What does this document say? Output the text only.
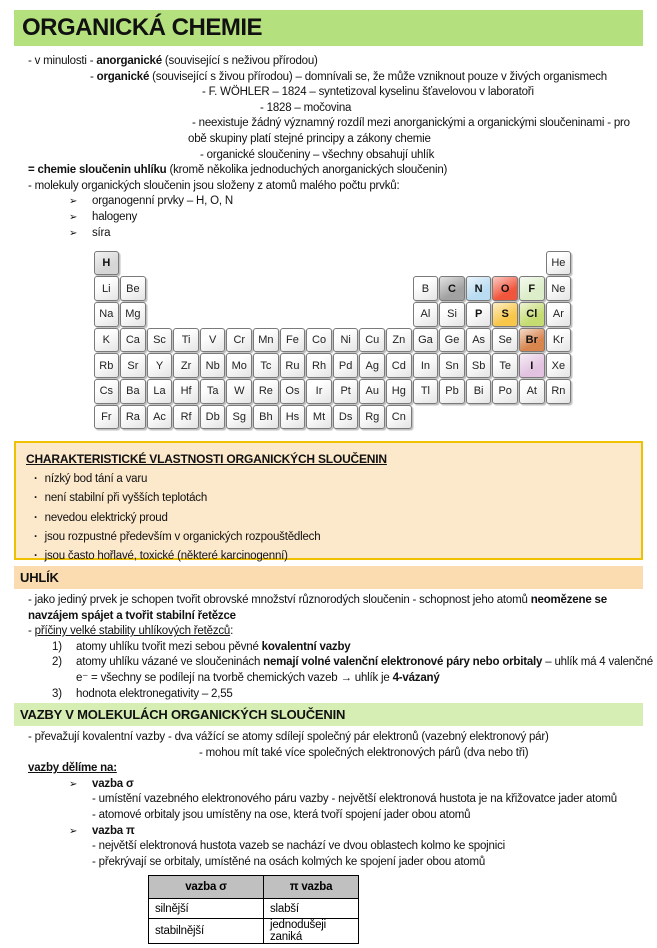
ORGANICKÁ CHEMIE
- v minulosti - anorganické (související s neživou přírodou)
- organické (související s živou přírodou) – domnívali se, že může vzniknout pouze v živých organismech
- F. WÖHLER – 1824 – syntetizoval kyselinu šťavelovou v laboratoři
- 1828 – močovina
- neexistuje žádný významný rozdíl mezi anorganickými a organickými sloučeninami - pro
obě skupiny platí stejné principy a zákony chemie
- organické sloučeniny – všechny obsahují uhlík
= chemie sloučenin uhlíku (kromě několika jednoduchých anorganických sloučenin)
- molekuly organických sloučenin jsou složeny z atomů malého počtu prvků:
➢ organogenní prvky – H, O, N
➢ halogeny
➢ síra
H	He
Li	Be	B	C	N	O	F	Ne
Na	Mg	Al	Si	P	S	Cl	Ar
K	Ca	Sc	Ti	V	Cr	Mn	Fe	Co	Ni	Cu	Zn	Ga	Ge	As	Se	Br	Kr
Rb	Sr	Y	Zr	Nb	Mo	Tc	Ru	Rh	Pd	Ag	Cd	In	Sn	Sb	Te	I	Xe
Cs	Ba	La	Hf	Ta	W	Re	Os	Ir	Pt	Au	Hg	Tl	Pb	Bi	Po	At	Rn
Fr	Ra	Ac	Rf	Db	Sg	Bh	Hs	Mt	Ds	Rg	Cn
CHARAKTERISTICKÉ VLASTNOSTI ORGANICKÝCH SLOUČENIN
· nízký bod tání a varu
· není stabilní při vyšších teplotách
· nevedou elektrický proud
· jsou rozpustné především v organických rozpouštědlech
· jsou často hořlavé, toxické (některé karcinogenní)
UHLÍK
- jako jediný prvek je schopen tvořit obrovské množství různorodých sloučenin - schopnost jeho atomů neomězene se
navzájem spájet a tvořit stabilní řetězce
- příčiny velké stability uhlíkových řetězců:
1) atomy uhlíku tvořit mezi sebou pěvné kovalentní vazby
2) atomy uhlíku vázané ve sloučeninách nemají volné valenční elektronové páry nebo orbitaly – uhlík má 4 valenčné
e⁻ = všechny se podílejí na tvorbě chemických vazeb → uhlík je 4-vázaný
3) hodnota elektronegativity – 2,55
VAZBY V MOLEKULÁCH ORGANICKÝCH SLOUČENIN
- převažují kovalentní vazby - dva vážící se atomy sdílejí společný pár elektronů (vazebný elektronový pár)
- mohou mít také více společných elektronových párů (dva nebo tři)
vazby dělíme na:
➢ vazba σ
- umístění vazebného elektronového páru vazby - největší elektronová hustota je na křižovatce jader atomů
- atomové orbitaly jsou umístěny na ose, která tvoří spojení jader obou atomů
➢ vazba π
- největší elektronová hustota vazeb se nachází ve dvou oblastech kolmo ke spojnici
- překrývají se orbitaly, umístěné na osách kolmých ke spojení jader obou atomů
vazba σ	π vazba
silnější	slabší
stabilnější	jednodušeji zaniká
